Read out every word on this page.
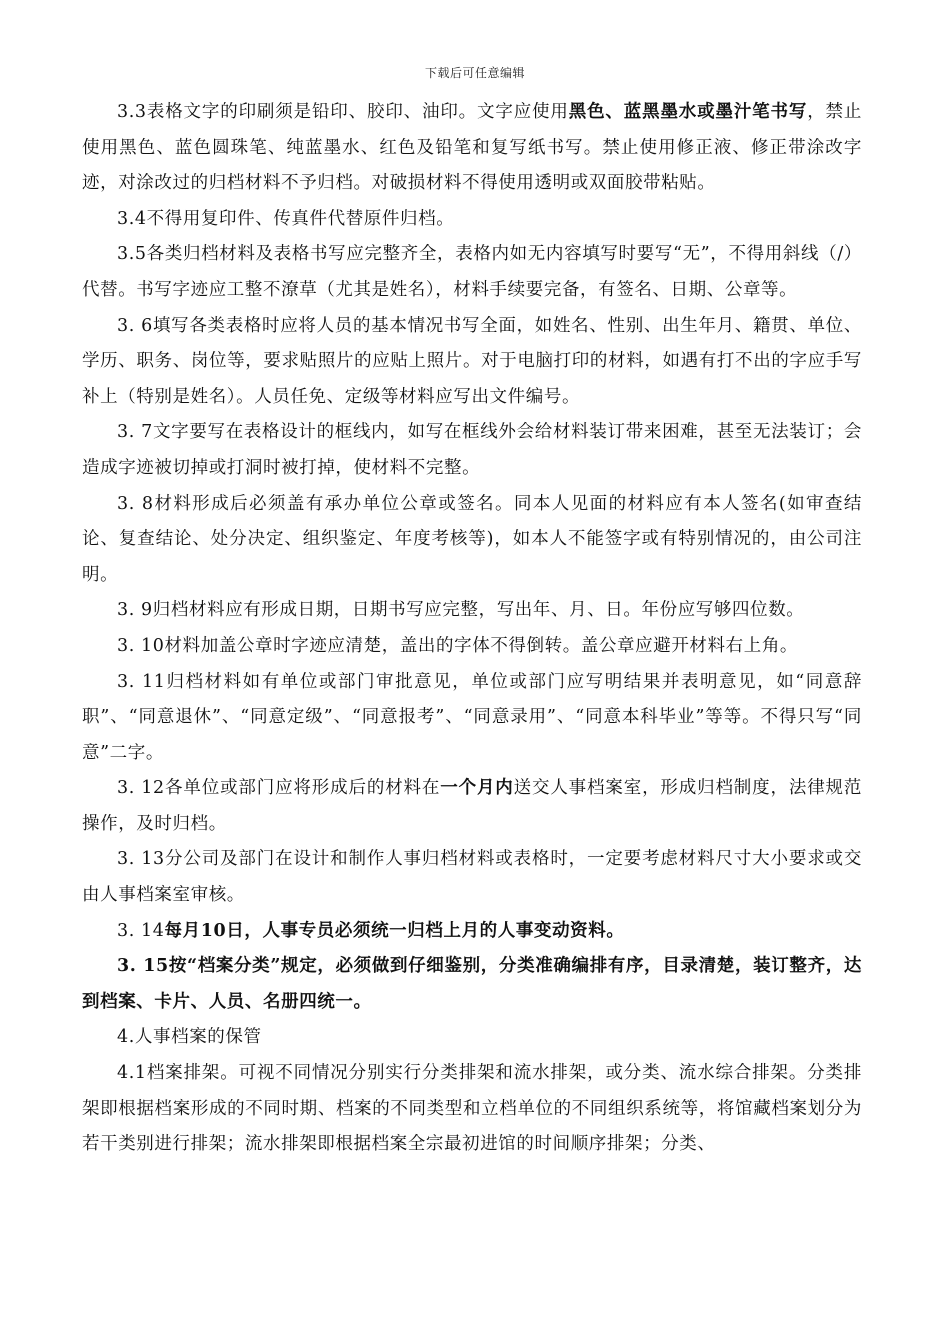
下载后可任意编辑

3.3表格文字的印刷须是铅印、胶印、油印。文字应使用黑色、蓝黑墨水或墨汁笔书写，禁止使用黑色、蓝色圆珠笔、纯蓝墨水、红色及铅笔和复写纸书写。禁止使用修正液、修正带涂改字迹，对涂改过的归档材料不予归档。对破损材料不得使用透明或双面胶带粘贴。

3.4不得用复印件、传真件代替原件归档。

3.5各类归档材料及表格书写应完整齐全，表格内如无内容填写时要写“无”，不得用斜线（/）代替。书写字迹应工整不潦草（尤其是姓名），材料手续要完备，有签名、日期、公章等。

3. 6填写各类表格时应将人员的基本情况书写全面，如姓名、性别、出生年月、籍贯、单位、学历、职务、岗位等，要求贴照片的应贴上照片。对于电脑打印的材料，如遇有打不出的字应手写补上（特别是姓名）。人员任免、定级等材料应写出文件编号。

3. 7文字要写在表格设计的框线内，如写在框线外会给材料装订带来困难，甚至无法装订；会造成字迹被切掉或打洞时被打掉，使材料不完整。

3. 8材料形成后必须盖有承办单位公章或签名。同本人见面的材料应有本人签名(如审查结论、复查结论、处分决定、组织鉴定、年度考核等)，如本人不能签字或有特别情况的，由公司注明。

3. 9归档材料应有形成日期，日期书写应完整，写出年、月、日。年份应写够四位数。

3. 10材料加盖公章时字迹应清楚，盖出的字体不得倒转。盖公章应避开材料右上角。

3. 11归档材料如有单位或部门审批意见，单位或部门应写明结果并表明意见，如“同意辞职”、“同意退休”、“同意定级”、“同意报考”、“同意录用”、“同意本科毕业”等等。不得只写“同意”二字。

3. 12各单位或部门应将形成后的材料在一个月内送交人事档案室，形成归档制度，法律规范操作，及时归档。

3. 13分公司及部门在设计和制作人事归档材料或表格时，一定要考虑材料尺寸大小要求或交由人事档案室审核。

3. 14每月10日，人事专员必须统一归档上月的人事变动资料。

3. 15按“档案分类”规定，必须做到仔细鉴别，分类准确编排有序，目录清楚，装订整齐，达到档案、卡片、人员、名册四统一。

4.人事档案的保管

4.1档案排架。可视不同情况分别实行分类排架和流水排架，或分类、流水综合排架。分类排架即根据档案形成的不同时期、档案的不同类型和立档单位的不同组织系统等，将馆藏档案划分为若干类别进行排架；流水排架即根据档案全宗最初进馆的时间顺序排架；分类、
